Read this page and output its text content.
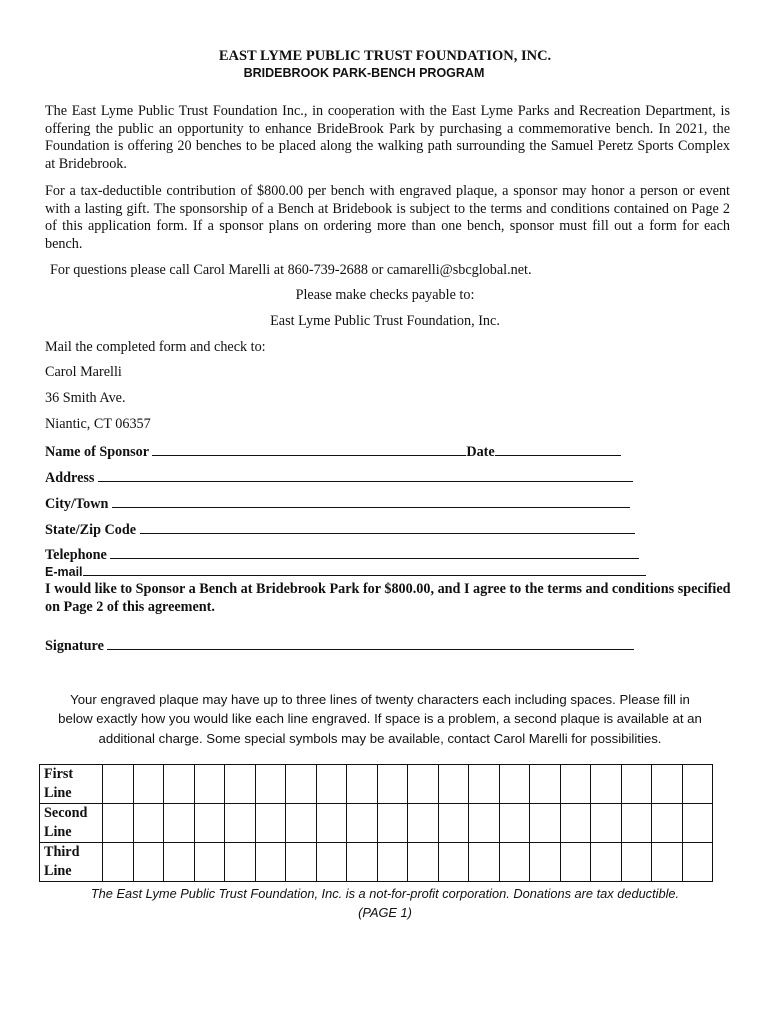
EAST LYME PUBLIC TRUST FOUNDATION, INC.
BRIDEBROOK PARK-BENCH PROGRAM
The East Lyme Public Trust Foundation Inc., in cooperation with the East Lyme Parks and Recreation Department, is offering the public an opportunity to enhance BrideBrook Park by purchasing a commemorative bench. In 2021, the Foundation is offering 20 benches to be placed along the walking path surrounding the Samuel Peretz Sports Complex at Bridebrook.
For a tax-deductible contribution of $800.00 per bench with engraved plaque, a sponsor may honor a person or event with a lasting gift. The sponsorship of a Bench at Bridebook is subject to the terms and conditions contained on Page 2 of this application form. If a sponsor plans on ordering more than one bench, sponsor must fill out a form for each bench.
For questions please call Carol Marelli at 860-739-2688 or camarelli@sbcglobal.net.
Please make checks payable to:
East Lyme Public Trust Foundation, Inc.
Mail the completed form and check to:
Carol Marelli
36 Smith Ave.
Niantic, CT 06357
Name of Sponsor	Date
Address
City/Town
State/Zip Code
Telephone
E-mail
I would like to Sponsor a Bench at Bridebrook Park for $800.00, and I agree to the terms and conditions specified on Page 2 of this agreement.
Signature
Your engraved plaque may have up to three lines of twenty characters each including spaces. Please fill in
below exactly how you would like each line engraved. If space is a problem, a second plaque is available at an
additional charge. Some special symbols may be available, contact Carol Marelli for possibilities.
First Line																				
Second Line																				
Third Line																				
The East Lyme Public Trust Foundation, Inc. is a not-for-profit corporation. Donations are tax deductible.
(PAGE 1)
